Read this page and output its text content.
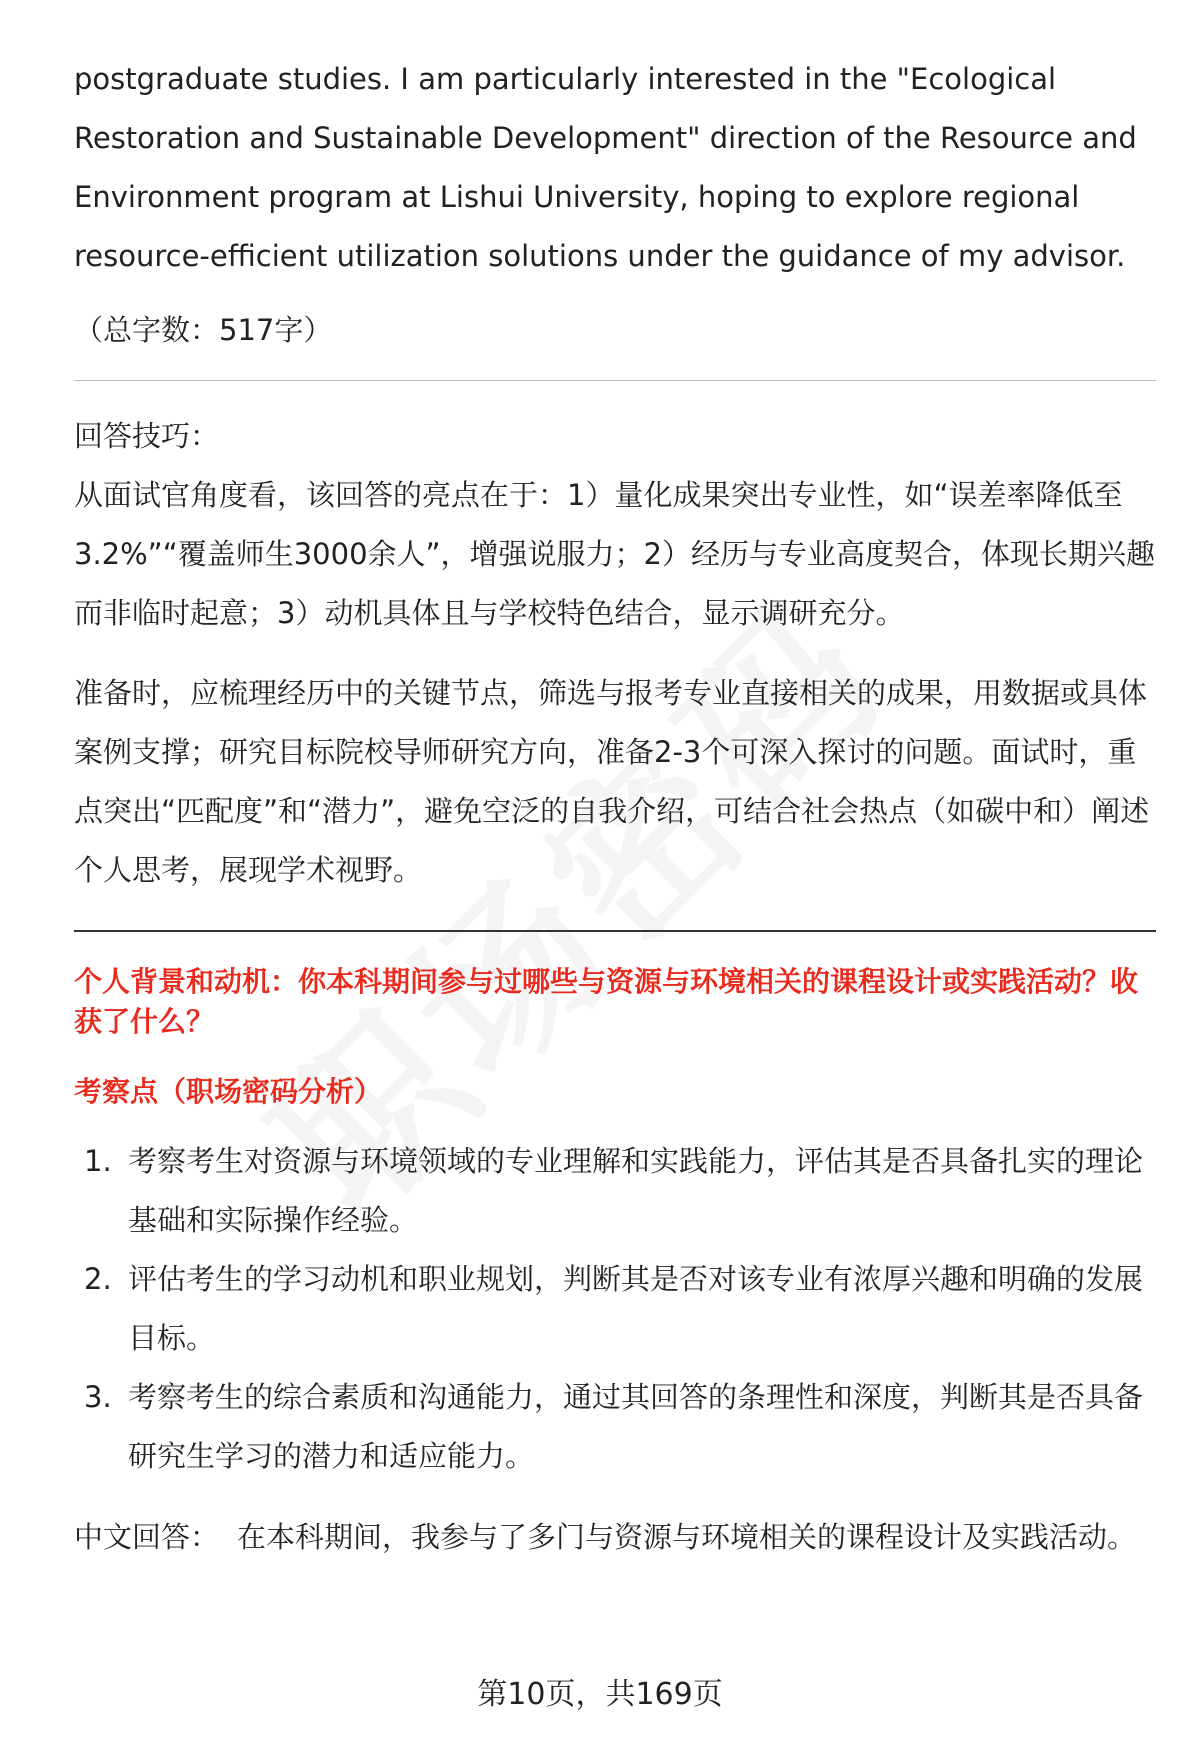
postgraduate studies. I am particularly interested in the "Ecological Restoration and Sustainable Development" direction of the Resource and Environment program at Lishui University, hoping to explore regional resource-efficient utilization solutions under the guidance of my advisor.

（总字数：517字）
回答技巧：

从面试官角度看，该回答的亮点在于：1）量化成果突出专业性，如“误差率降低至3.2%”“覆盖师生3000余人”，增强说服力；2）经历与专业高度契合，体现长期兴趣而非临时起意；3）动机具体且与学校特色结合，显示调研充分。

准备时，应梳理经历中的关键节点，筛选与报考专业直接相关的成果，用数据或具体案例支撑；研究目标院校导师研究方向，准备2-3个可深入探讨的问题。面试时，重点突出“匹配度”和“潜力”，避免空泛的自我介绍，可结合社会热点（如碳中和）阐述个人思考，展现学术视野。

个人背景和动机：你本科期间参与过哪些与资源与环境相关的课程设计或实践活动？收获了什么？
考察点（职场密码分析）
1. 考察考生对资源与环境领域的专业理解和实践能力，评估其是否具备扎实的理论基础和实际操作经验。
2. 评估考生的学习动机和职业规划，判断其是否对该专业有浓厚兴趣和明确的发展目标。
3. 考察考生的综合素质和沟通能力，通过其回答的条理性和深度，判断其是否具备研究生学习的潜力和适应能力。
中文回答： 在本科期间，我参与了多门与资源与环境相关的课程设计及实践活动。
第10页，共169页
